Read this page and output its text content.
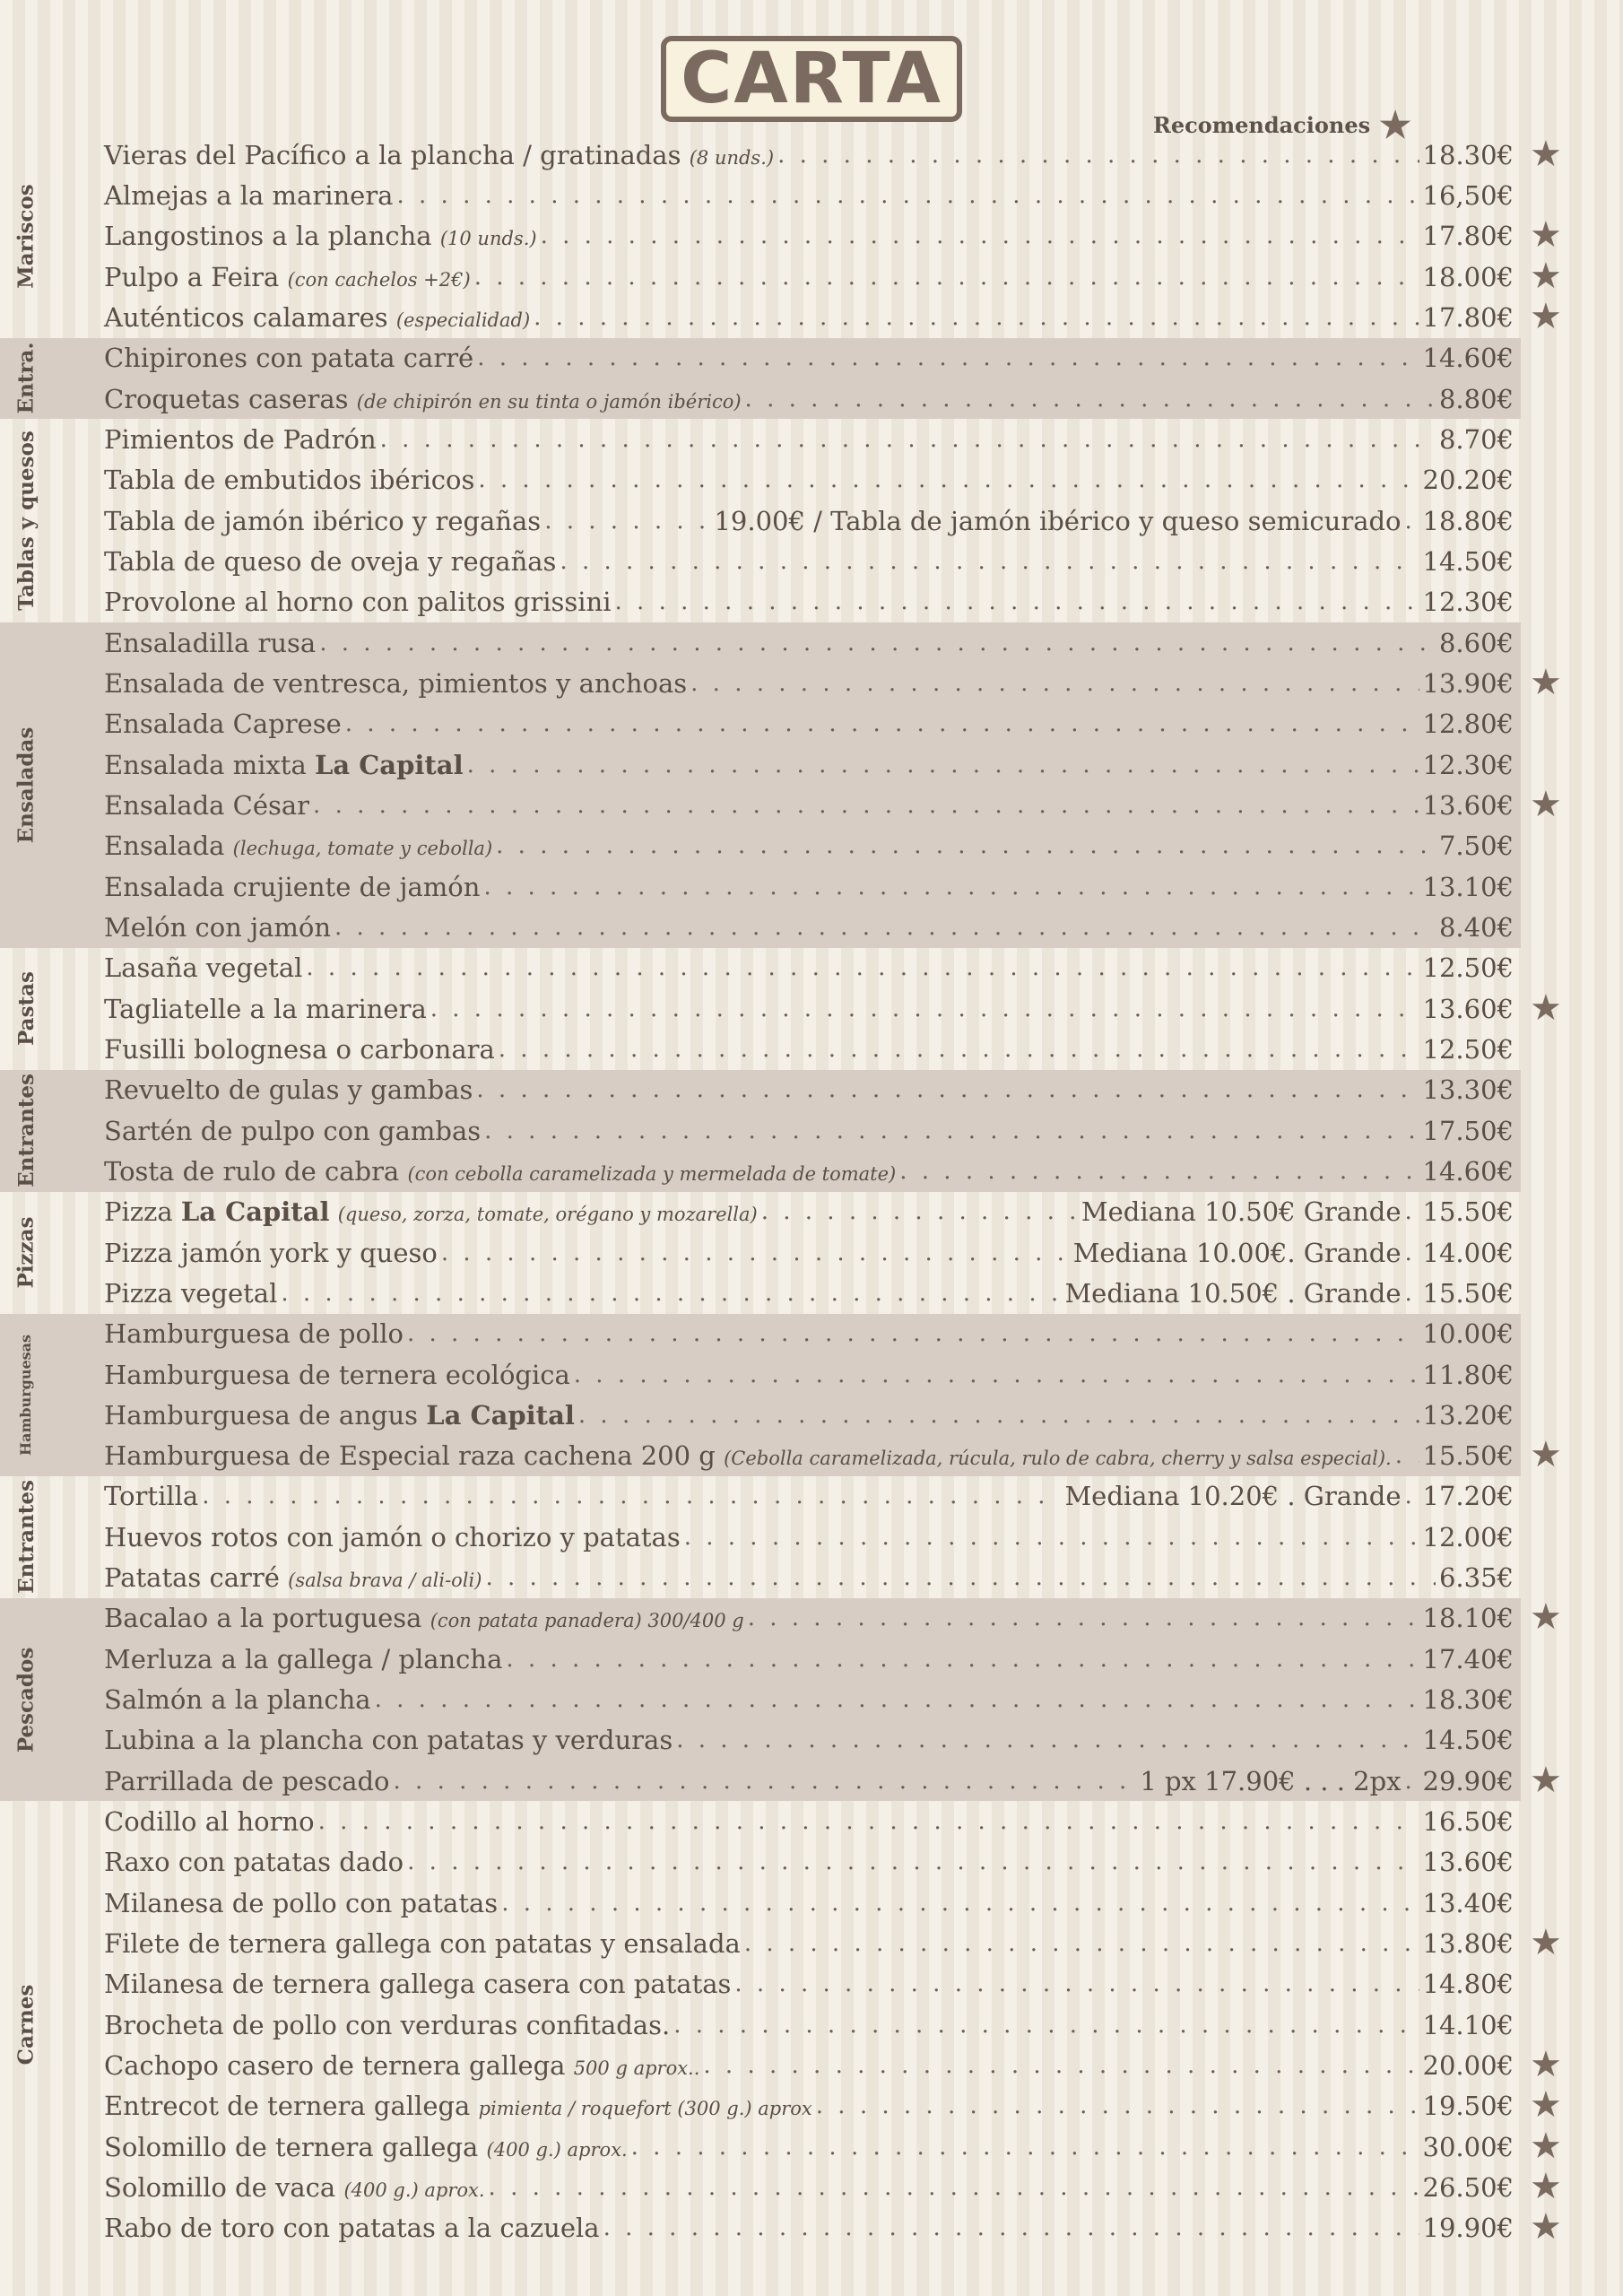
CARTA
Recomendaciones ★
Mariscos
Vieras del Pacífico a la plancha / gratinadas (8 unds.) . . .	18.30€ ★
Almejas a la marinera . . .	16,50€
Langostinos a la plancha (10 unds.) . . .	17.80€ ★
Pulpo a Feira (con cachelos +2€) . . .	18.00€ ★
Auténticos calamares (especialidad) . . .	17.80€ ★
Entra.	Chipirones con patata carré . . .	14.60€
Croquetas caseras (de chipirón en su tinta o jamón ibérico) . . .	8.80€
Tablas y quesos	Pimientos de Padrón . . .	8.70€
Tabla de embutidos ibéricos . . .	20.20€
Tabla de jamón ibérico y regañas . . .	19.00€ / Tabla de jamón ibérico y queso semicurado . . . 18.80€
Tabla de queso de oveja y regañas . . .	14.50€
Provolone al horno con palitos grissini . . .	12.30€
Ensaladas
Ensaladilla rusa . . .	8.60€
Ensalada de ventresca, pimientos y anchoas . . .	13.90€ ★
Ensalada Caprese . . .	12.80€
Ensalada mixta La Capital . . .	12.30€
Ensalada César . . .	13.60€ ★
Ensalada (lechuga, tomate y cebolla) . . .	7.50€
Ensalada crujiente de jamón . . .	13.10€
Melón con jamón . . .	8.40€
Pastas
Lasaña vegetal . . .	12.50€
Tagliatelle a la marinera . . .	13.60€ ★
Fusilli bolognesa o carbonara . . .	12.50€
Entrantes	Revuelto de gulas y gambas . . .	13.30€
Sartén de pulpo con gambas . . .	17.50€
Tosta de rulo de cabra (con cebolla caramelizada y mermelada de tomate) . . .	14.60€
Pizzas
Pizza La Capital (queso, zorza, tomate, orégano y mozarella) . . .	Mediana 10.50€ Grande . . . 15.50€
Pizza jamón york y queso . . .	Mediana 10.00€. Grande . . . 14.00€
Pizza vegetal . . .	Mediana 10.50€ . Grande . . . 15.50€
Hamburguesas
Hamburguesa de pollo . . .	10.00€
Hamburguesa de ternera ecológica . . .	11.80€
Hamburguesa de angus La Capital . . .	13.20€
Hamburguesa de Especial raza cachena 200 g (Cebolla caramelizada, rúcula, rulo de cabra, cherry y salsa especial). . . . 15.50€ ★
Entrantes	Tortilla . . .	Mediana 10.20€ . Grande . . . 17.20€
Huevos rotos con jamón o chorizo y patatas . . .	12.00€
Patatas carré (salsa brava / ali-oli) . . .	6.35€
Pescados
Bacalao a la portuguesa (con patata panadera) 300/400 g . . .	18.10€ ★
Merluza a la gallega / plancha . . .	17.40€
Salmón a la plancha . . .	18.30€
Lubina a la plancha con patatas y verduras . . .	14.50€
Parrillada de pescado . . .	1 px 17.90€ . . . 2px . . . 29.90€ ★
Carnes
Codillo al horno . . .	16.50€
Raxo con patatas dado . . .	13.60€
Milanesa de pollo con patatas . . .	13.40€
Filete de ternera gallega con patatas y ensalada . . .	13.80€ ★
Milanesa de ternera gallega casera con patatas . . .	14.80€
Brocheta de pollo con verduras confitadas. . . .	14.10€
Cachopo casero de ternera gallega 500 g aprox.. . . .	20.00€ ★
Entrecot de ternera gallega pimienta / roquefort (300 g.) aprox . . .	19.50€ ★
Solomillo de ternera gallega (400 g.) aprox. . . .	30.00€ ★
Solomillo de vaca (400 g.) aprox. . . .	26.50€ ★
Rabo de toro con patatas a la cazuela . . .	19.90€ ★
